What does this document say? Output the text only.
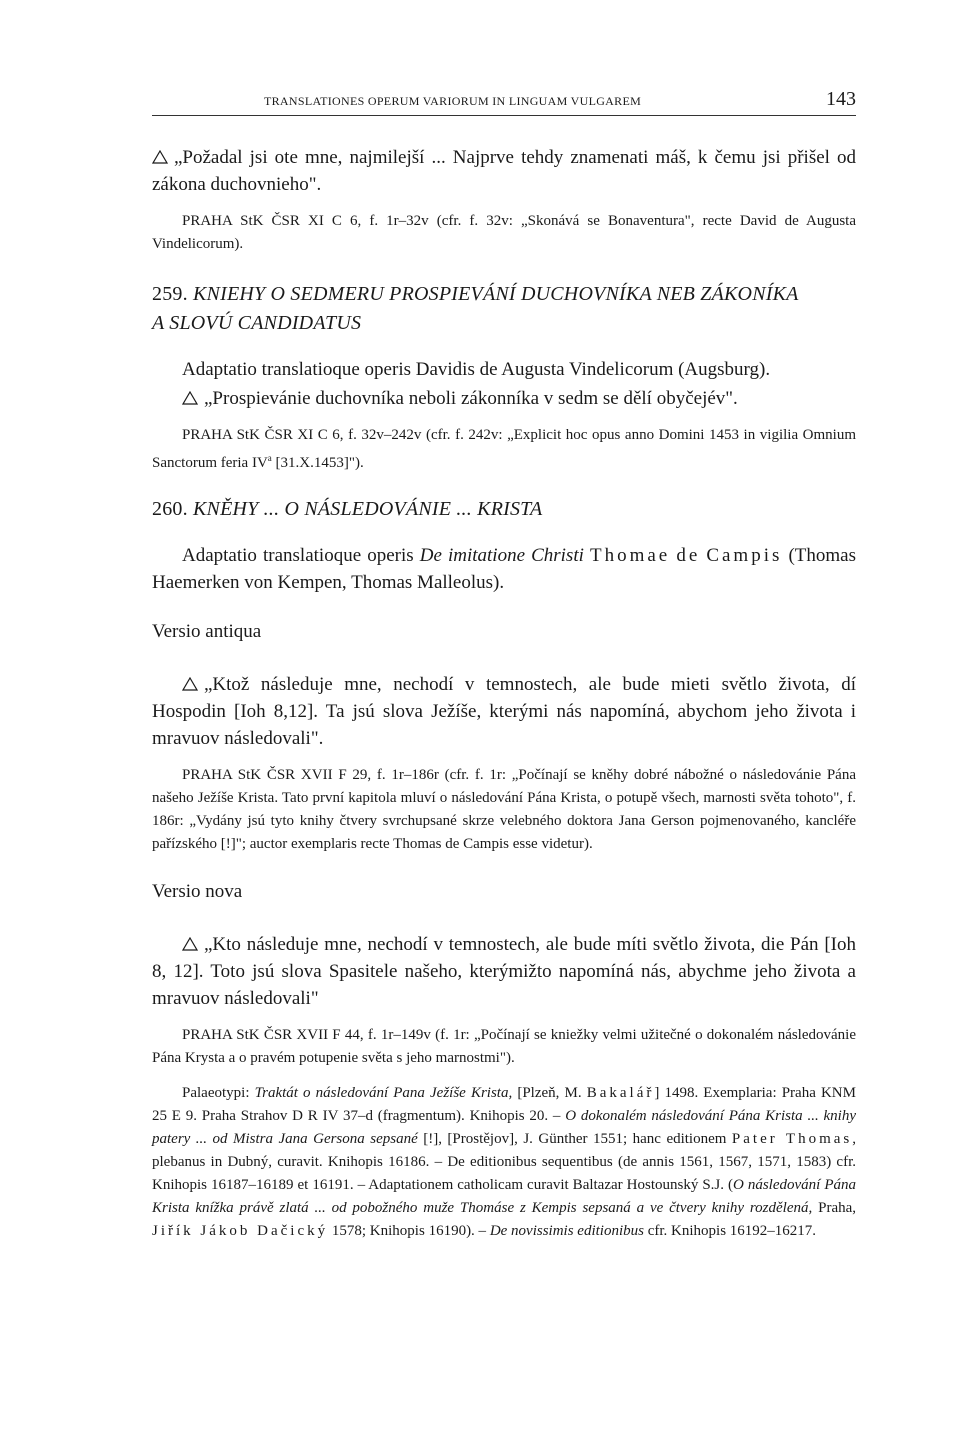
TRANSLATIONES OPERUM VARIORUM IN LINGUAM VULGAREM	143

„Požadal jsi ote mne, najmilejší ... Najprve tehdy znamenati máš, k čemu jsi přišel od zákona duchovnieho".

PRAHA StK ČSR XI C 6, f. 1r–32v (cfr. f. 32v: „Skonává se Bonaventura", recte David de Augusta Vindelicorum).

259. KNIEHY O SEDMERU PROSPIEVÁNÍ DUCHOVNÍKA NEB ZÁKONÍKA
A SLOVÚ CANDIDATUS

Adaptatio translatioque operis Davidis de Augusta Vindelicorum (Augsburg).

„Prospievánie duchovníka neboli zákonníka v sedm se dělí obyčejév".

PRAHA StK ČSR XI C 6, f. 32v–242v (cfr. f. 242v: „Explicit hoc opus anno Domini 1453 in vigilia Omnium Sanctorum feria $IV^a$ [31.X.1453]").

260. KNĚHY ... O NÁSLEDOVÁNIE ... KRISTA

Adaptatio translatioque operis De imitatione Christi Thomae de Campis (Thomas Haemerken von Kempen, Thomas Malleolus).

Versio antiqua

„Ktož následuje mne, nechodí v temnostech, ale bude mieti světlo života, dí Hospodin [Ioh 8,12]. Ta jsú slova Ježíše, kterými nás napomíná, abychom jeho života i mravuov následovali".

PRAHA StK ČSR XVII F 29, f. 1r–186r (cfr. f. 1r: „Počínají se kněhy dobré nábožné o následovánie Pána našeho Ježíše Krista. Tato první kapitola mluví o následování Pána Krista, o potupě všech, marnosti světa tohoto", f. 186r: „Vydány jsú tyto knihy čtvery svrchupsané skrze velebného doktora Jana Gerson pojmenovaného, kancléře pařízského [!]"; auctor exemplaris recte Thomas de Campis esse videtur).

Versio nova

„Kto následuje mne, nechodí v temnostech, ale bude míti světlo života, die Pán [Ioh 8, 12]. Toto jsú slova Spasitele našeho, kterýmižto napomíná nás, abychme jeho života a mravuov následovali"

PRAHA StK ČSR XVII F 44, f. 1r–149v (f. 1r: „Počínají se kniežky velmi užitečné o dokonalém následovánie Pána Krysta a o pravém potupenie světa s jeho marnostmi").

Palaeotypi: Traktát o následování Pana Ježíše Krista, [Plzeň, M. Bakalář] 1498. Exemplaria: Praha KNM 25 E 9. Praha Strahov D R IV 37–d (fragmentum). Knihopis 20. – O dokonalém následování Pána Krista ... knihy patery ... od Mistra Jana Gersona sepsané [!], [Prostějov], J. Günther 1551; hanc editionem Pater Thomas, plebanus in Dubný, curavit. Knihopis 16186. – De editionibus sequentibus (de annis 1561, 1567, 1571, 1583) cfr. Knihopis 16187–16189 et 16191. – Adaptationem catholicam curavit Baltazar Hostounský S.J. (O následování Pána Krista knížka právě zlatá ... od pobožného muže Thomáse z Kempis sepsaná a ve čtvery knihy rozdělená, Praha, Jiřík Jákob Dačický 1578; Knihopis 16190). – De novissimis editionibus cfr. Knihopis 16192–16217.
